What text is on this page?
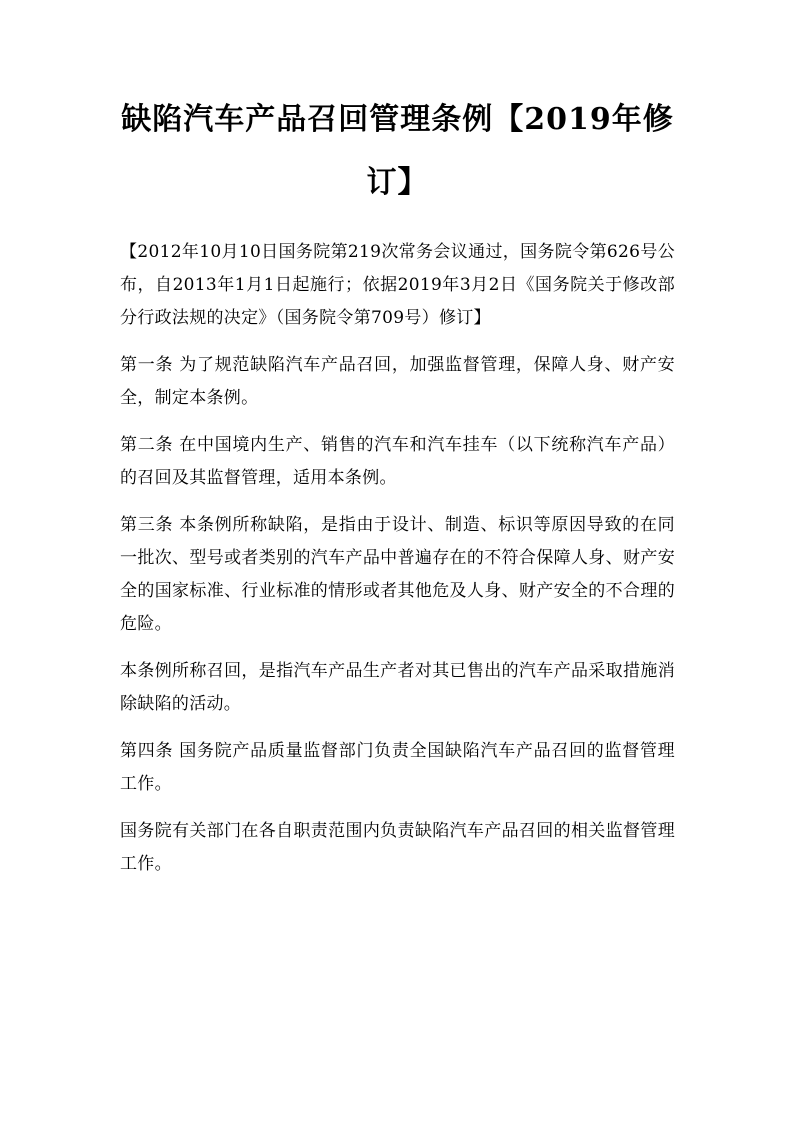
缺陷汽车产品召回管理条例【2019年修订】

【2012年10月10日国务院第219次常务会议通过，国务院令第626号公布，自2013年1月1日起施行；依据2019年3月2日《国务院关于修改部分行政法规的决定》（国务院令第709号）修订】

第一条 为了规范缺陷汽车产品召回，加强监督管理，保障人身、财产安全，制定本条例。

第二条 在中国境内生产、销售的汽车和汽车挂车（以下统称汽车产品）的召回及其监督管理，适用本条例。

第三条 本条例所称缺陷，是指由于设计、制造、标识等原因导致的在同一批次、型号或者类别的汽车产品中普遍存在的不符合保障人身、财产安全的国家标准、行业标准的情形或者其他危及人身、财产安全的不合理的危险。

本条例所称召回，是指汽车产品生产者对其已售出的汽车产品采取措施消除缺陷的活动。

第四条 国务院产品质量监督部门负责全国缺陷汽车产品召回的监督管理工作。

国务院有关部门在各自职责范围内负责缺陷汽车产品召回的相关监督管理工作。
